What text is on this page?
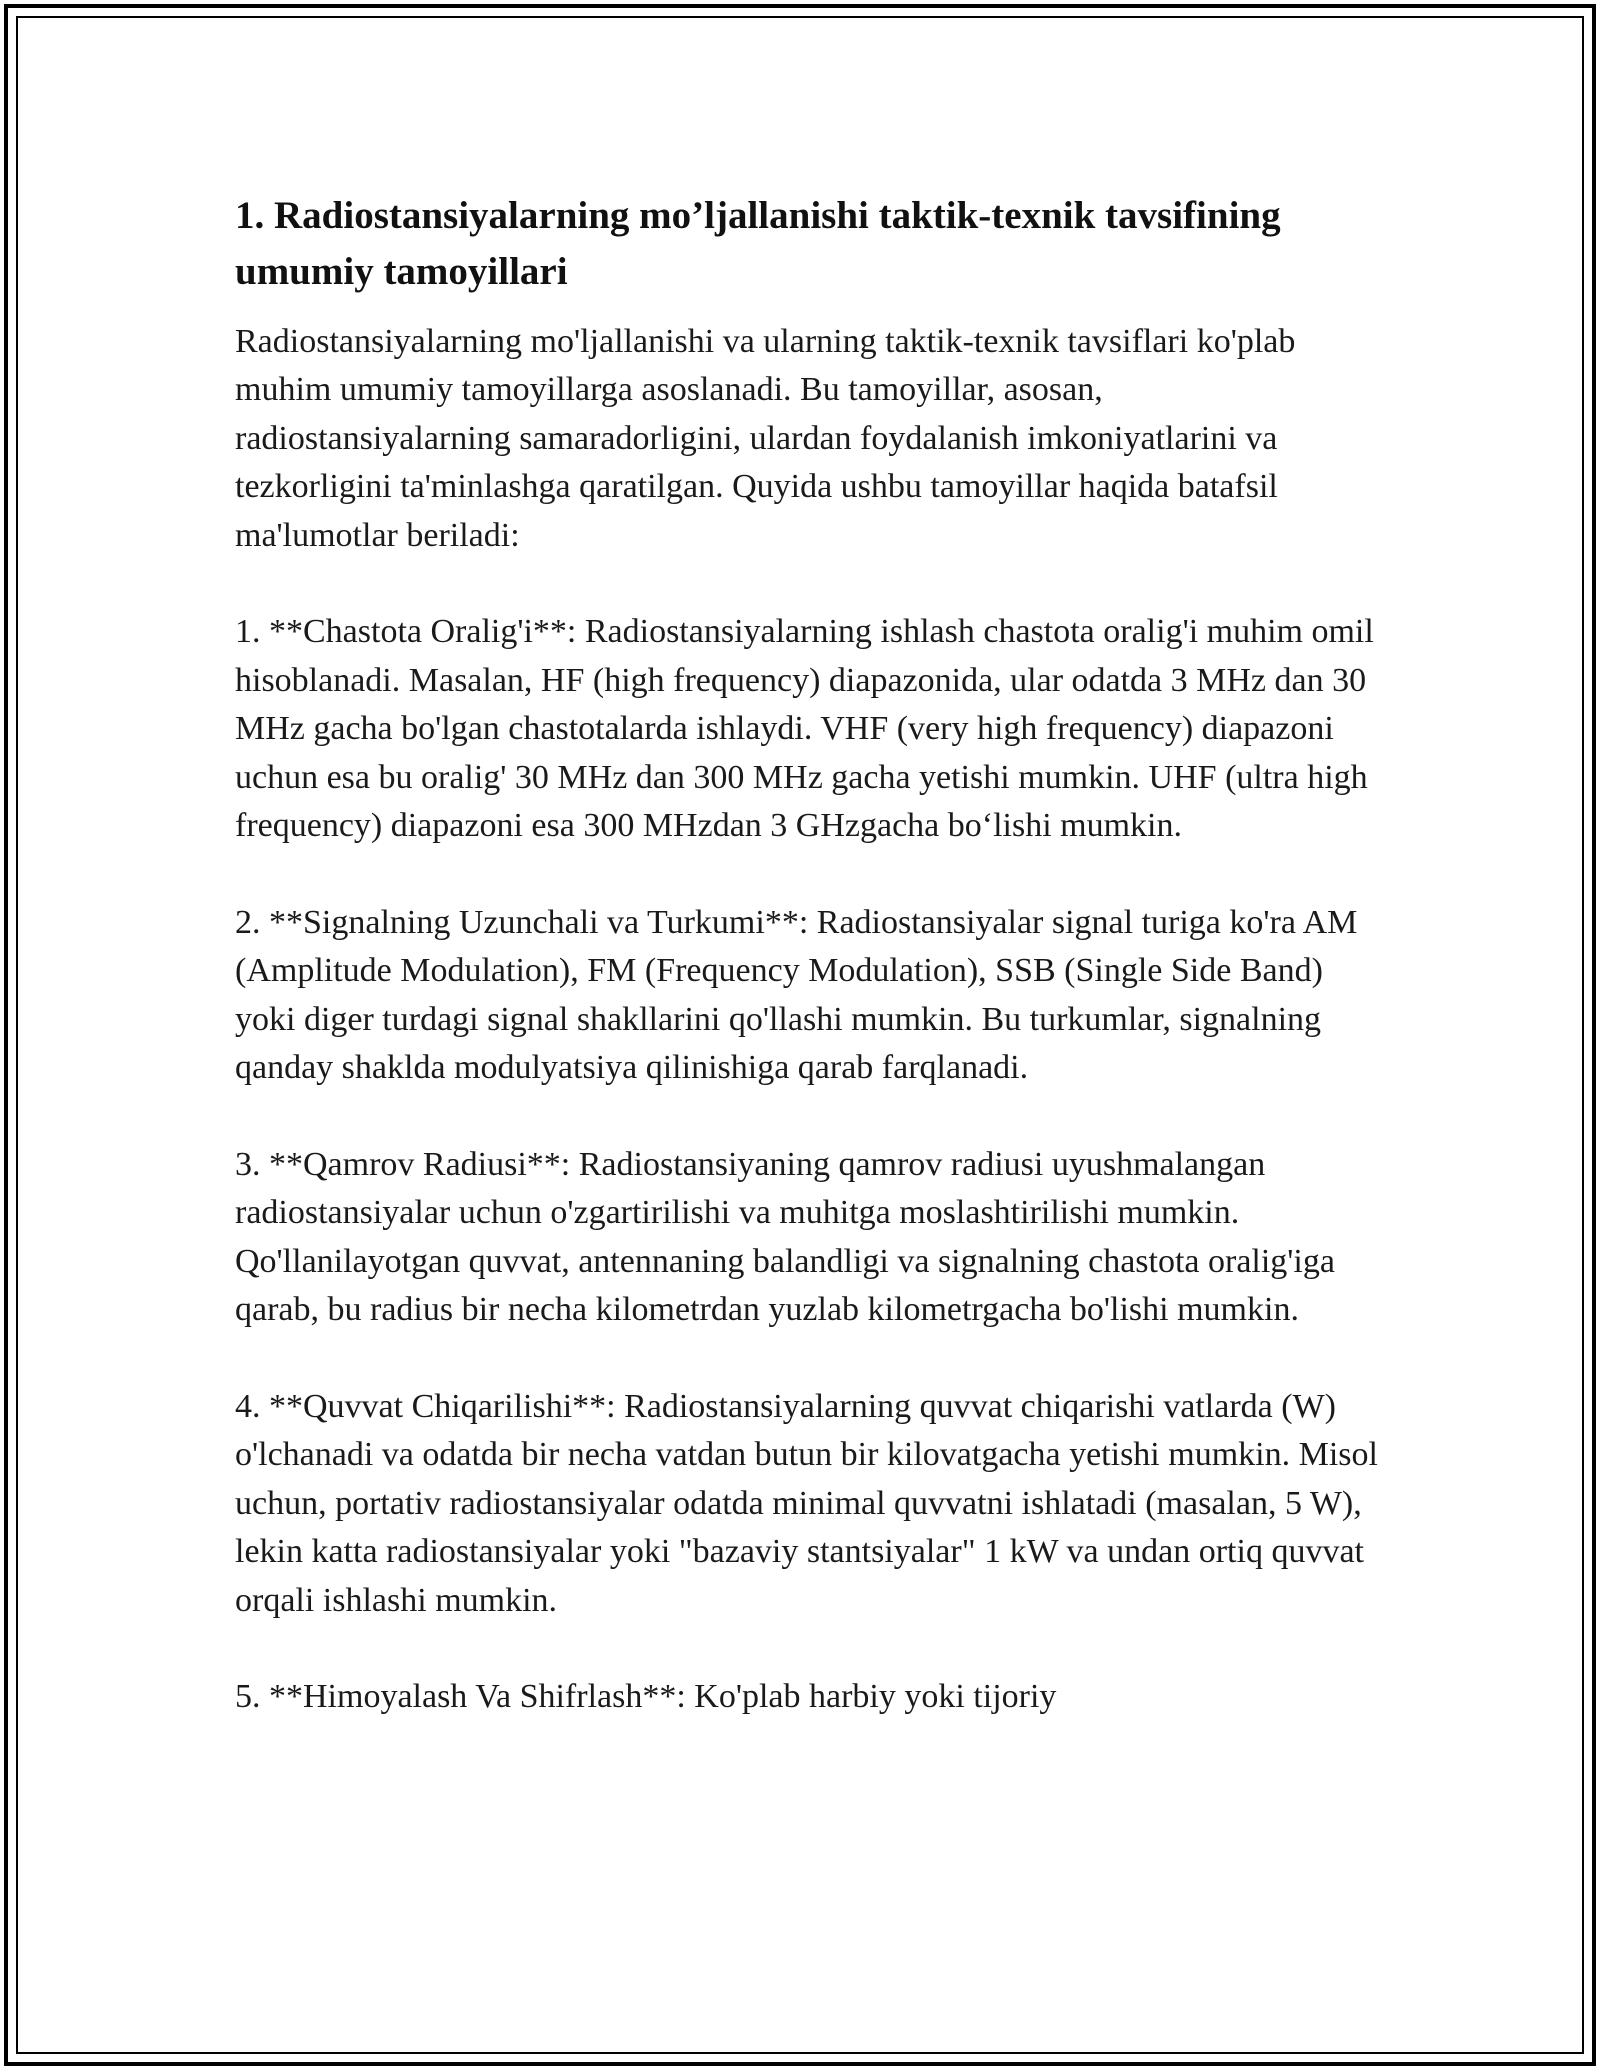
1. Radiostansiyalarning mo’ljallanishi taktik-texnik tavsifining umumiy tamoyillari

Radiostansiyalarning mo'ljallanishi va ularning taktik-texnik tavsiflari ko'plab muhim umumiy tamoyillarga asoslanadi. Bu tamoyillar, asosan, radiostansiyalarning samaradorligini, ulardan foydalanish imkoniyatlarini va tezkorligini ta'minlashga qaratilgan. Quyida ushbu tamoyillar haqida batafsil ma'lumotlar beriladi:

1. **Chastota Oralig'i**: Radiostansiyalarning ishlash chastota oralig'i muhim omil hisoblanadi. Masalan, HF (high frequency) diapazonida, ular odatda 3 MHz dan 30 MHz gacha bo'lgan chastotalarda ishlaydi. VHF (very high frequency) diapazoni uchun esa bu oralig' 30 MHz dan 300 MHz gacha yetishi mumkin. UHF (ultra high frequency) diapazoni esa 300 MHzdan 3 GHzgacha bo‘lishi mumkin.

2. **Signalning Uzunchali va Turkumi**: Radiostansiyalar signal turiga ko'ra AM (Amplitude Modulation), FM (Frequency Modulation), SSB (Single Side Band) yoki diger turdagi signal shakllarini qo'llashi mumkin. Bu turkumlar, signalning qanday shaklda modulyatsiya qilinishiga qarab farqlanadi.

3. **Qamrov Radiusi**: Radiostansiyaning qamrov radiusi uyushmalangan radiostansiyalar uchun o'zgartirilishi va muhitga moslashtirilishi mumkin. Qo'llanilayotgan quvvat, antennaning balandligi va signalning chastota oralig'iga qarab, bu radius bir necha kilometrdan yuzlab kilometrgacha bo'lishi mumkin.

4. **Quvvat Chiqarilishi**: Radiostansiyalarning quvvat chiqarishi vatlarda (W) o'lchanadi va odatda bir necha vatdan butun bir kilovatgacha yetishi mumkin. Misol uchun, portativ radiostansiyalar odatda minimal quvvatni ishlatadi (masalan, 5 W), lekin katta radiostansiyalar yoki "bazaviy stantsiyalar" 1 kW va undan ortiq quvvat orqali ishlashi mumkin.

5. **Himoyalash Va Shifrlash**: Ko'plab harbiy yoki tijoriy
